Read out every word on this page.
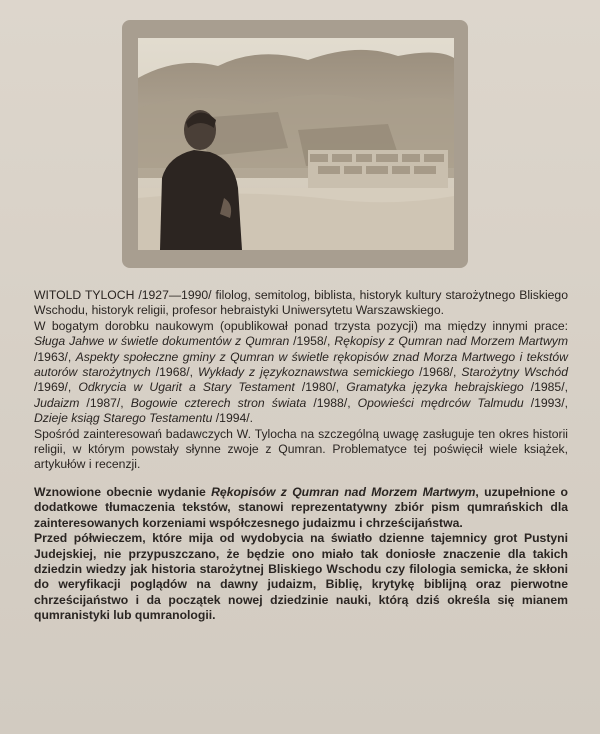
WITOLD TYLOCH /1927—1990/ filolog, semitolog, biblista, historyk kultury starożytnego Bliskiego Wschodu, historyk religii, profesor hebraistyki Uniwersytetu Warszawskiego.

W bogatym dorobku naukowym (opublikował ponad trzysta pozycji) ma między innymi prace: Sługa Jahwe w świetle dokumentów z Qumran /1958/, Rękopisy z Qumran nad Morzem Martwym /1963/, Aspekty społeczne gminy z Qumran w świetle rękopisów znad Morza Martwego i tekstów autorów starożytnych /1968/, Wykłady z językoznawstwa semickiego /1968/, Starożytny Wschód /1969/, Odkrycia w Ugarit a Stary Testament /1980/, Gramatyka języka hebrajskiego /1985/, Judaizm /1987/, Bogowie czterech stron świata /1988/, Opowieści mędrców Talmudu /1993/, Dzieje ksiąg Starego Testamentu /1994/.

Spośród zainteresowań badawczych W. Tylocha na szczególną uwagę zasługuje ten okres historii religii, w którym powstały słynne zwoje z Qumran. Problematyce tej poświęcił wiele książek, artykułów i recenzji.

Wznowione obecnie wydanie Rękopisów z Qumran nad Morzem Martwym, uzupełnione o dodatkowe tłumaczenia tekstów, stanowi reprezentatywny zbiór pism qumrańskich dla zainteresowanych korzeniami współczesnego judaizmu i chrześcijaństwa.

Przed półwieczem, które mija od wydobycia na światło dzienne tajemnicy grot Pustyni Judejskiej, nie przypuszczano, że będzie ono miało tak doniosłe znaczenie dla takich dziedzin wiedzy jak historia starożytnej Bliskiego Wschodu czy filologia semicka, że skłoni do weryfikacji poglądów na dawny judaizm, Biblię, krytykę biblijną oraz pierwotne chrześcijaństwo i da początek nowej dziedzinie nauki, którą dziś określa się mianem qumranistyki lub qumranologii.
